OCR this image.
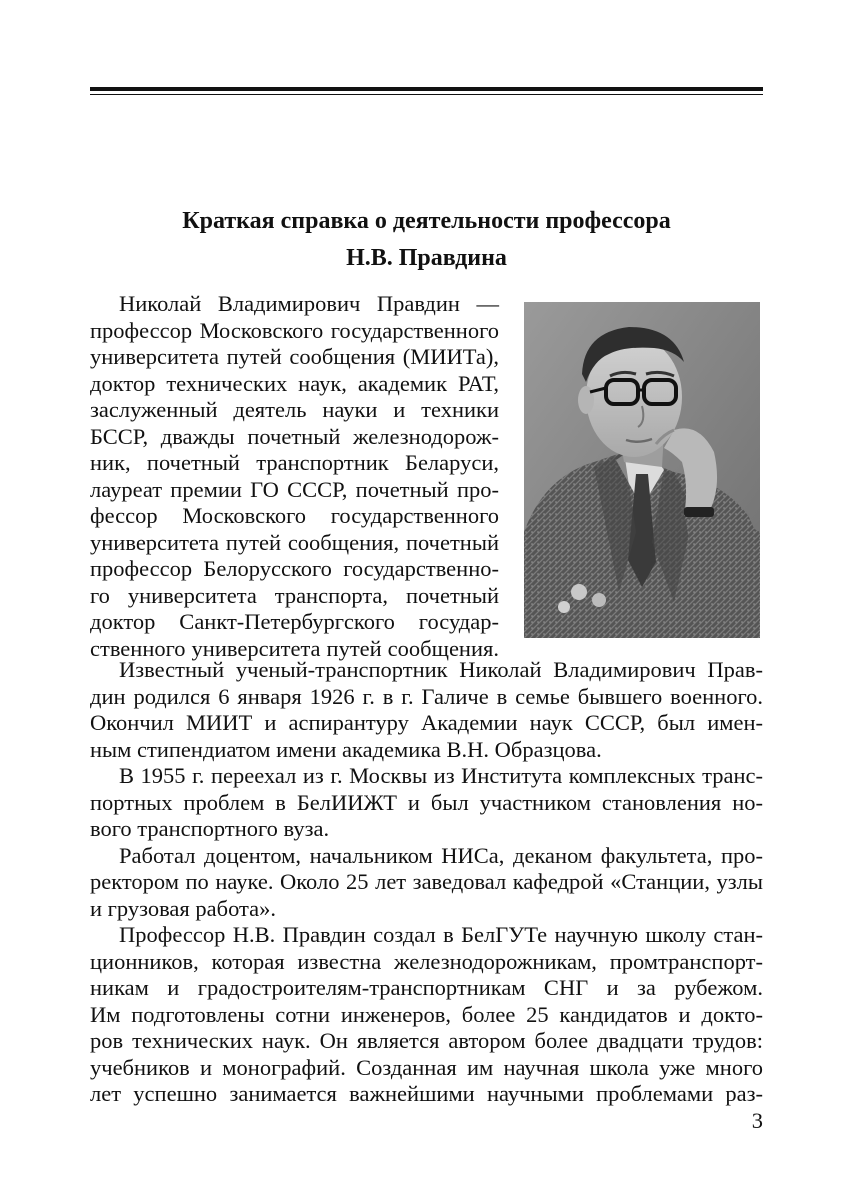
Краткая справка о деятельности профессора
Н.В. Правдина
Николай Владимирович Правдин —
профессор Московского государственного
университета путей сообщения (МИИТа),
доктор технических наук, академик РАТ,
заслуженный деятель науки и техники
БССР, дважды почетный железнодорож-
ник, почетный транспортник Беларуси,
лауреат премии ГО СССР, почетный про-
фессор Московского государственного
университета путей сообщения, почетный
профессор Белорусского государственно-
го университета транспорта, почетный
доктор Санкт-Петербургского государ-
ственного университета путей сообщения.
Известный ученый-транспортник Николай Владимирович Прав-
дин родился 6 января 1926 г. в г. Галиче в семье бывшего военного.
Окончил МИИТ и аспирантуру Академии наук СССР, был имен-
ным стипендиатом имени академика В.Н. Образцова.
В 1955 г. переехал из г. Москвы из Института комплексных транс-
портных проблем в БелИИЖТ и был участником становления но-
вого транспортного вуза.
Работал доцентом, начальником НИСа, деканом факультета, про-
ректором по науке. Около 25 лет заведовал кафедрой «Станции, узлы
и грузовая работа».
Профессор Н.В. Правдин создал в БелГУТе научную школу стан-
ционников, которая известна железнодорожникам, промтранспорт-
никам и градостроителям-транспортникам СНГ и за рубежом.
Им подготовлены сотни инженеров, более 25 кандидатов и докто-
ров технических наук. Он является автором более двадцати трудов:
учебников и монографий. Созданная им научная школа уже много
лет успешно занимается важнейшими научными проблемами раз-
3
